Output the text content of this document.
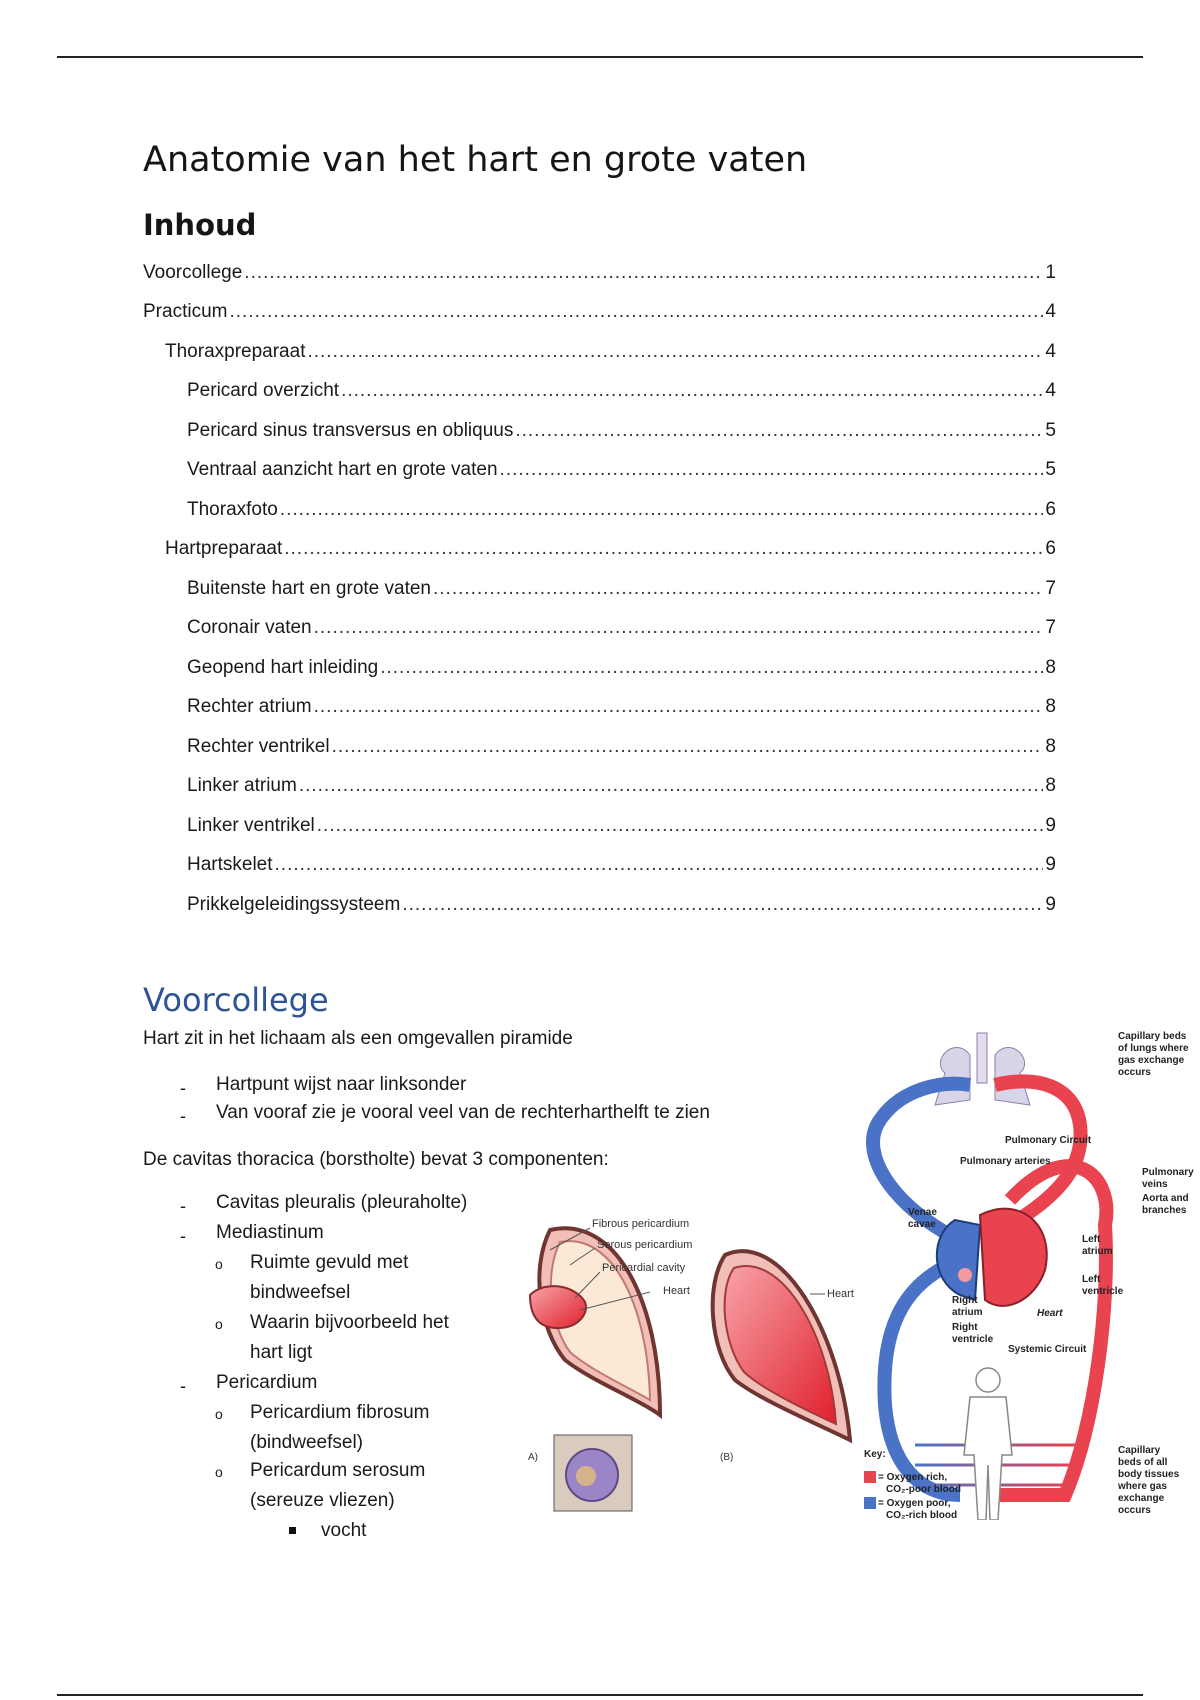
Anatomie van het hart en grote vaten
Inhoud
Voorcollege .....	1
Practicum .....	4
Thoraxpreparaat .....	4
Pericard overzicht .....	4
Pericard sinus transversus en obliquus .....	5
Ventraal aanzicht hart en grote vaten .....	5
Thoraxfoto .....	6
Hartpreparaat .....	6
Buitenste hart en grote vaten .....	7
Coronair vaten .....	7
Geopend hart inleiding .....	8
Rechter atrium .....	8
Rechter ventrikel .....	8
Linker atrium .....	8
Linker ventrikel .....	9
Hartskelet .....	9
Prikkelgeleidingssysteem .....	9
Voorcollege

Hart zit in het lichaam als een omgevallen piramide

- Hartpunt wijst naar linksonder

- Van vooraf zie je vooral veel van de rechterharthelft te zien

De cavitas thoracica (borstholte) bevat 3 componenten:

- Cavitas pleuralis (pleuraholte)

- Mediastinum

o Ruimte gevuld met

bindweefsel

o Waarin bijvoorbeeld het

hart ligt

- Pericardium

o Pericardium fibrosum

(bindweefsel)

o Pericardum serosum

(sereuze vliezen)

vocht

Fibrous pericardium
Serous pericardium
Pericardial cavity
Heart	Heart
A)	(B)
Capillary beds
of lungs where
gas exchange
occurs
Pulmonary Circuit
Pulmonary arteries
Pulmonary
veins
Aorta and
branches
Venae
cavae
Left
atrium
Left
ventricle
Right
atrium
Right
ventricle
Heart
Systemic Circuit
Capillary
beds of all
body tissues
where gas
exchange
occurs
Key:
= Oxygen rich,
CO₂-poor blood
= Oxygen poor,
CO₂-rich blood
